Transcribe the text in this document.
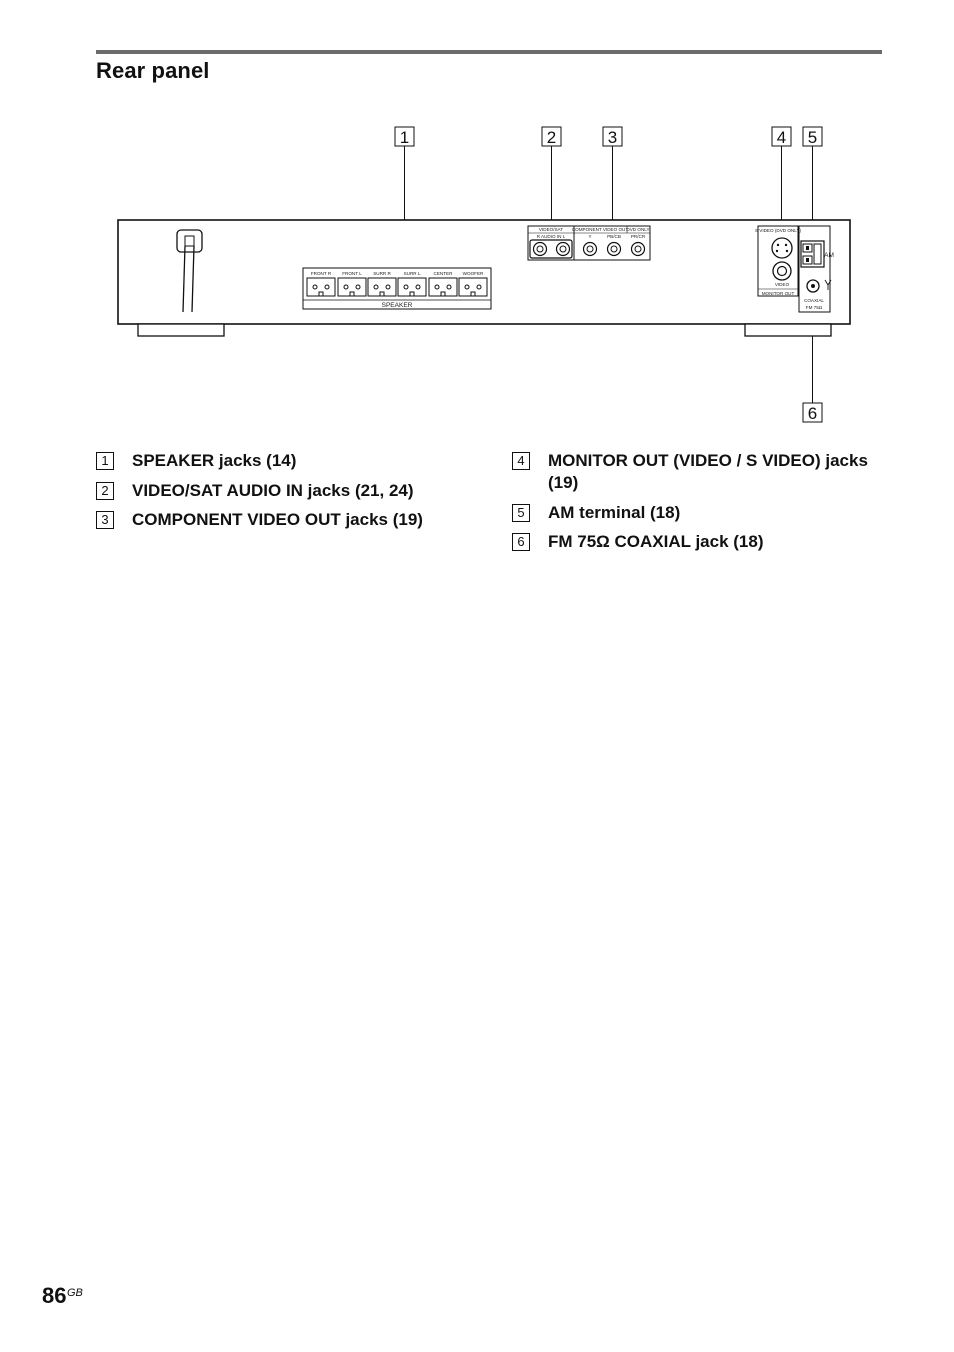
Rear panel
1	2	3	4 5
6
FRONT R FRONT L SURR R	SURR L	CENTER WOOFER
SPEAKER
VIDEO/SAT
R AUDIO IN L
COMPONENT VIDEO OUT
DVD ONLY
Y	PB/CB PR/CR
S VIDEO (DVD ONLY)
VIDEO
MONITOR OUT
AM
COAXIAL
FM 75Ω
1	SPEAKER jacks (14)
2	VIDEO/SAT AUDIO IN jacks (21, 24)
3	COMPONENT VIDEO OUT jacks (19)
4	MONITOR OUT (VIDEO / S VIDEO) jacks (19)
5	AM terminal (18)
6	FM 75Ω COAXIAL jack (18)
86 GB
